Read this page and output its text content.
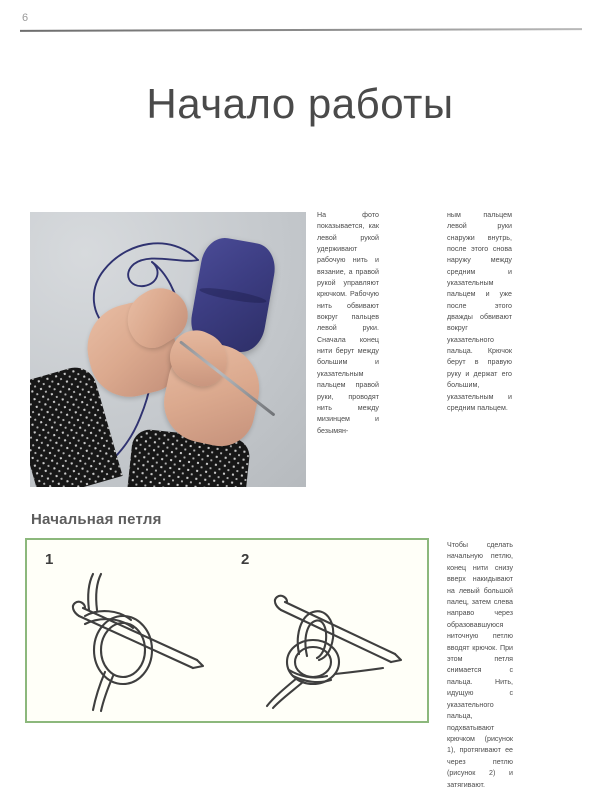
6
Начало работы
На фото показывается, как левой рукой удерживают рабочую нить и вязание, а правой рукой управляют крючком. Рабочую нить обвивают вокруг пальцев левой руки. Сначала конец нити берут между большим и указательным пальцем правой руки, проводят нить между мизинцем и безымян-
ным пальцем левой руки снаружи внутрь, после этого снова наружу между средним и указательным пальцем и уже после этого дважды обвивают вокруг указательного пальца. Крючок берут в правую руку и держат его большим, указательным и средним пальцем.
Начальная петля
1	2
Чтобы сделать начальную петлю, конец нити снизу вверх накидывают на левый большой палец, затем слева направо через образовавшуюся ниточную петлю вводят крючок. При этом петля снимается с пальца. Нить, идущую с указательного пальца, подхватывают крючком (рисунок 1), протягивают ее через петлю (рисунок 2) и затягивают.
